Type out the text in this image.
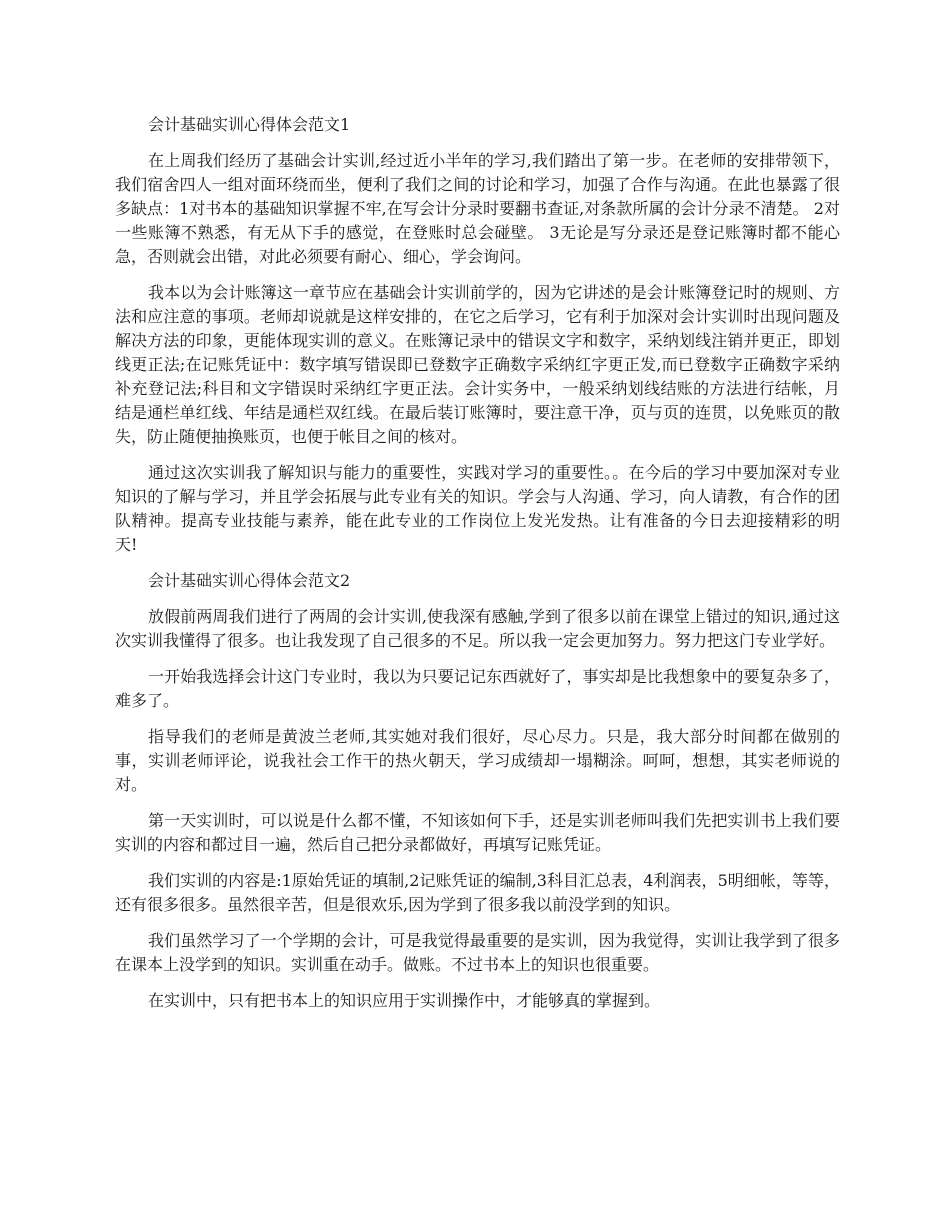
会计基础实训心得体会范文1

在上周我们经历了基础会计实训,经过近小半年的学习,我们踏出了第一步。在老师的安排带领下，我们宿舍四人一组对面环绕而坐，便利了我们之间的讨论和学习，加强了合作与沟通。在此也暴露了很多缺点：1对书本的基础知识掌握不牢,在写会计分录时要翻书查证,对条款所属的会计分录不清楚。 2对一些账簿不熟悉，有无从下手的感觉，在登账时总会碰壁。 3无论是写分录还是登记账簿时都不能心急，否则就会出错，对此必须要有耐心、细心，学会询问。

我本以为会计账簿这一章节应在基础会计实训前学的，因为它讲述的是会计账簿登记时的规则、方法和应注意的事项。老师却说就是这样安排的，在它之后学习，它有利于加深对会计实训时出现问题及解决方法的印象，更能体现实训的意义。在账簿记录中的错误文字和数字，采纳划线注销并更正，即划线更正法;在记账凭证中：数字填写错误即已登数字正确数字采纳红字更正发,而已登数字正确数字采纳补充登记法;科目和文字错误时采纳红字更正法。会计实务中，一般采纳划线结账的方法进行结帐，月结是通栏单红线、年结是通栏双红线。在最后装订账簿时，要注意干净，页与页的连贯，以免账页的散失，防止随便抽换账页，也便于帐目之间的核对。

通过这次实训我了解知识与能力的重要性，实践对学习的重要性。。在今后的学习中要加深对专业知识的了解与学习，并且学会拓展与此专业有关的知识。学会与人沟通、学习，向人请教，有合作的团队精神。提高专业技能与素养，能在此专业的工作岗位上发光发热。让有准备的今日去迎接精彩的明天!

会计基础实训心得体会范文2

放假前两周我们进行了两周的会计实训,使我深有感触,学到了很多以前在课堂上错过的知识,通过这次实训我懂得了很多。也让我发现了自己很多的不足。所以我一定会更加努力。努力把这门专业学好。

一开始我选择会计这门专业时，我以为只要记记东西就好了，事实却是比我想象中的要复杂多了，难多了。

指导我们的老师是黄波兰老师,其实她对我们很好，尽心尽力。只是，我大部分时间都在做别的事，实训老师评论，说我社会工作干的热火朝天，学习成绩却一塌糊涂。呵呵，想想，其实老师说的对。

第一天实训时，可以说是什么都不懂，不知该如何下手，还是实训老师叫我们先把实训书上我们要实训的内容和都过目一遍，然后自己把分录都做好，再填写记账凭证。

我们实训的内容是:1原始凭证的填制,2记账凭证的编制,3科目汇总表，4利润表，5明细帐，等等，还有很多很多。虽然很辛苦，但是很欢乐,因为学到了很多我以前没学到的知识。

我们虽然学习了一个学期的会计，可是我觉得最重要的是实训，因为我觉得，实训让我学到了很多在课本上没学到的知识。实训重在动手。做账。不过书本上的知识也很重要。

在实训中，只有把书本上的知识应用于实训操作中，才能够真的掌握到。
